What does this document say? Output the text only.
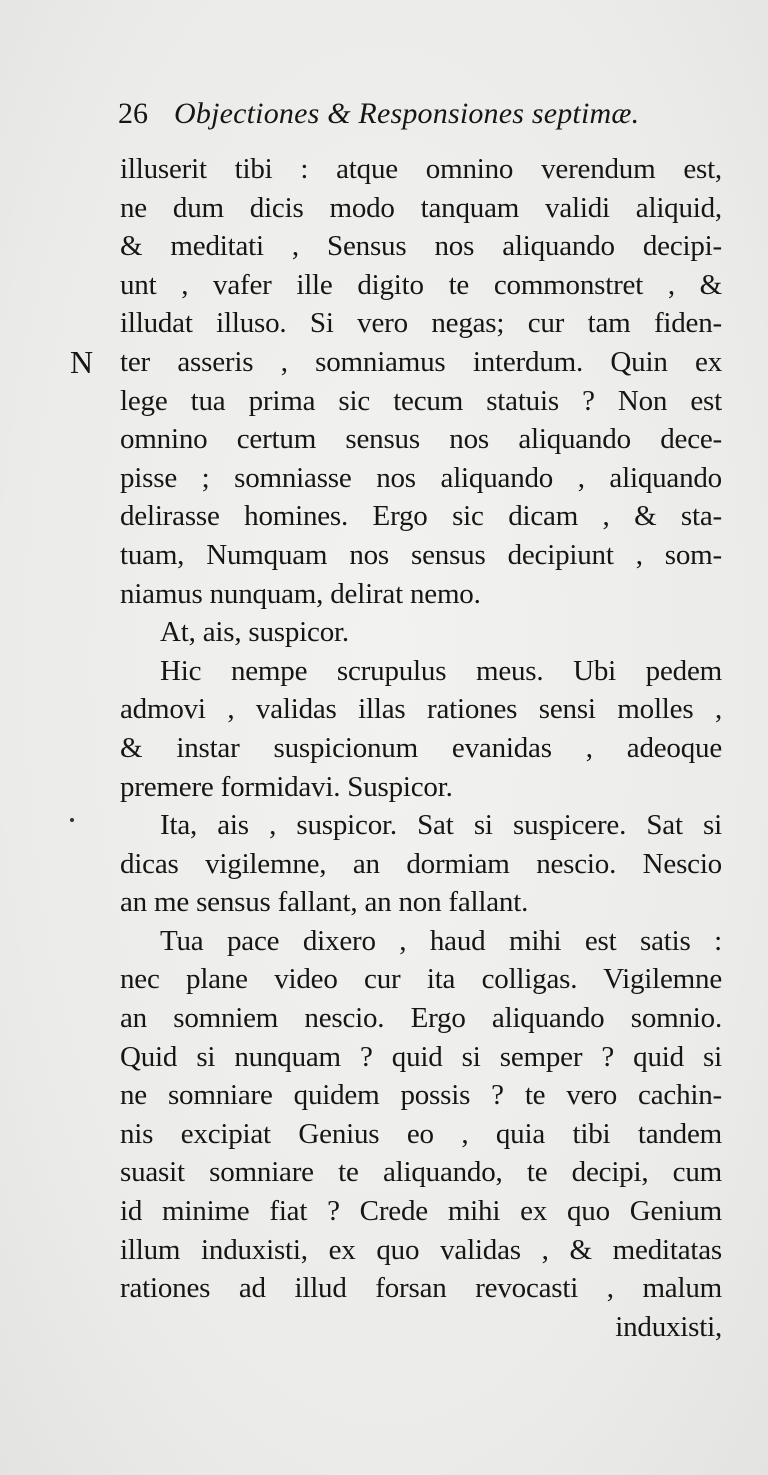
26 Objectiones & Responsiones septimæ.
N
illuserit tibi : atque omnino verendum est,
ne dum dicis modo tanquam validi aliquid,
& meditati , Sensus nos aliquando decipi-
unt , vafer ille digito te commonstret , &
illudat illuso. Si vero negas; cur tam fiden-
ter asseris , somniamus interdum. Quin ex
lege tua prima sic tecum statuis ? Non est
omnino certum sensus nos aliquando dece-
pisse ; somniasse nos aliquando , aliquando
delirasse homines. Ergo sic dicam , & sta-
tuam, Numquam nos sensus decipiunt , som-
niamus nunquam, delirat nemo.
At, ais, suspicor.
Hic nempe scrupulus meus. Ubi pedem
admovi , validas illas rationes sensi molles ,
& instar suspicionum evanidas , adeoque
premere formidavi. Suspicor.
Ita, ais , suspicor. Sat si suspicere. Sat si
dicas vigilemne, an dormiam nescio. Nescio
an me sensus fallant, an non fallant.
Tua pace dixero , haud mihi est satis :
nec plane video cur ita colligas. Vigilemne
an somniem nescio. Ergo aliquando somnio.
Quid si nunquam ? quid si semper ? quid si
ne somniare quidem possis ? te vero cachin-
nis excipiat Genius eo , quia tibi tandem
suasit somniare te aliquando, te decipi, cum
id minime fiat ? Crede mihi ex quo Genium
illum induxisti, ex quo validas , & meditatas
rationes ad illud forsan revocasti , malum
induxisti,
